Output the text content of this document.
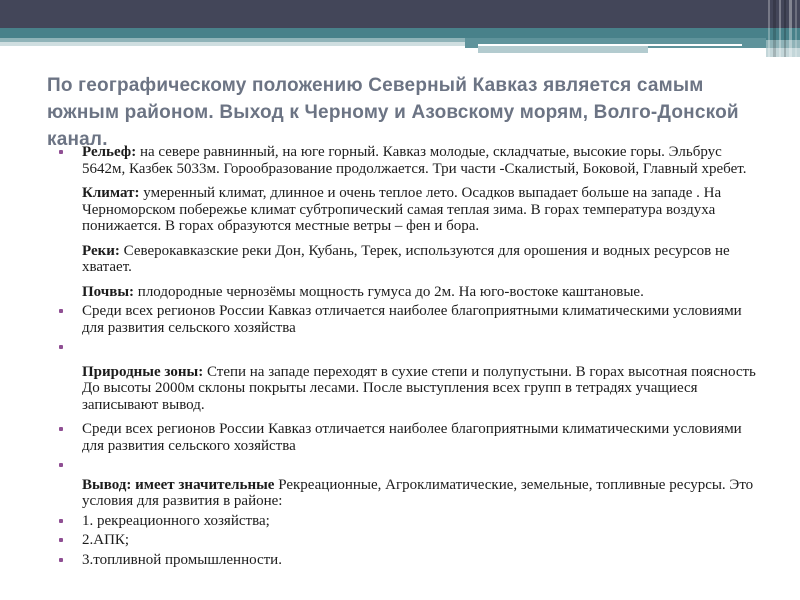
По географическому положению Северный Кавказ является самым южным районом. Выход к Черному и Азовскому морям, Волго-Донской канал.
Рельеф: на севере равнинный, на юге горный. Кавказ молодые, складчатые, высокие горы. Эльбрус 5642м, Казбек 5033м. Горообразование продолжается. Три части -Скалистый, Боковой, Главный хребет.
Климат: умеренный климат, длинное и очень теплое лето. Осадков выпадает больше на западе . На Черноморском побережье климат субтропический самая теплая зима. В горах температура воздуха понижается. В горах образуются местные ветры – фен и бора.
Реки: Северокавказские реки Дон, Кубань, Терек, используются для орошения и водных ресурсов не хватает.
Почвы: плодородные чернозёмы мощность гумуса до 2м. На юго-востоке каштановые.
Среди всех регионов России Кавказ отличается наиболее благоприятными климатическими условиями для развития сельского хозяйства
Природные зоны: Степи на западе переходят в сухие степи и полупустыни. В горах высотная поясность До высоты 2000м склоны покрыты лесами. После выступления всех групп в тетрадях учащиеся записывают вывод.
Среди всех регионов России Кавказ отличается наиболее благоприятными климатическими условиями для развития сельского хозяйства
Вывод: имеет значительные Рекреационные, Агроклиматические, земельные, топливные ресурсы. Это условия для развития в районе:
1. рекреационного хозяйства;
2.АПК;
3.топливной промышленности.
